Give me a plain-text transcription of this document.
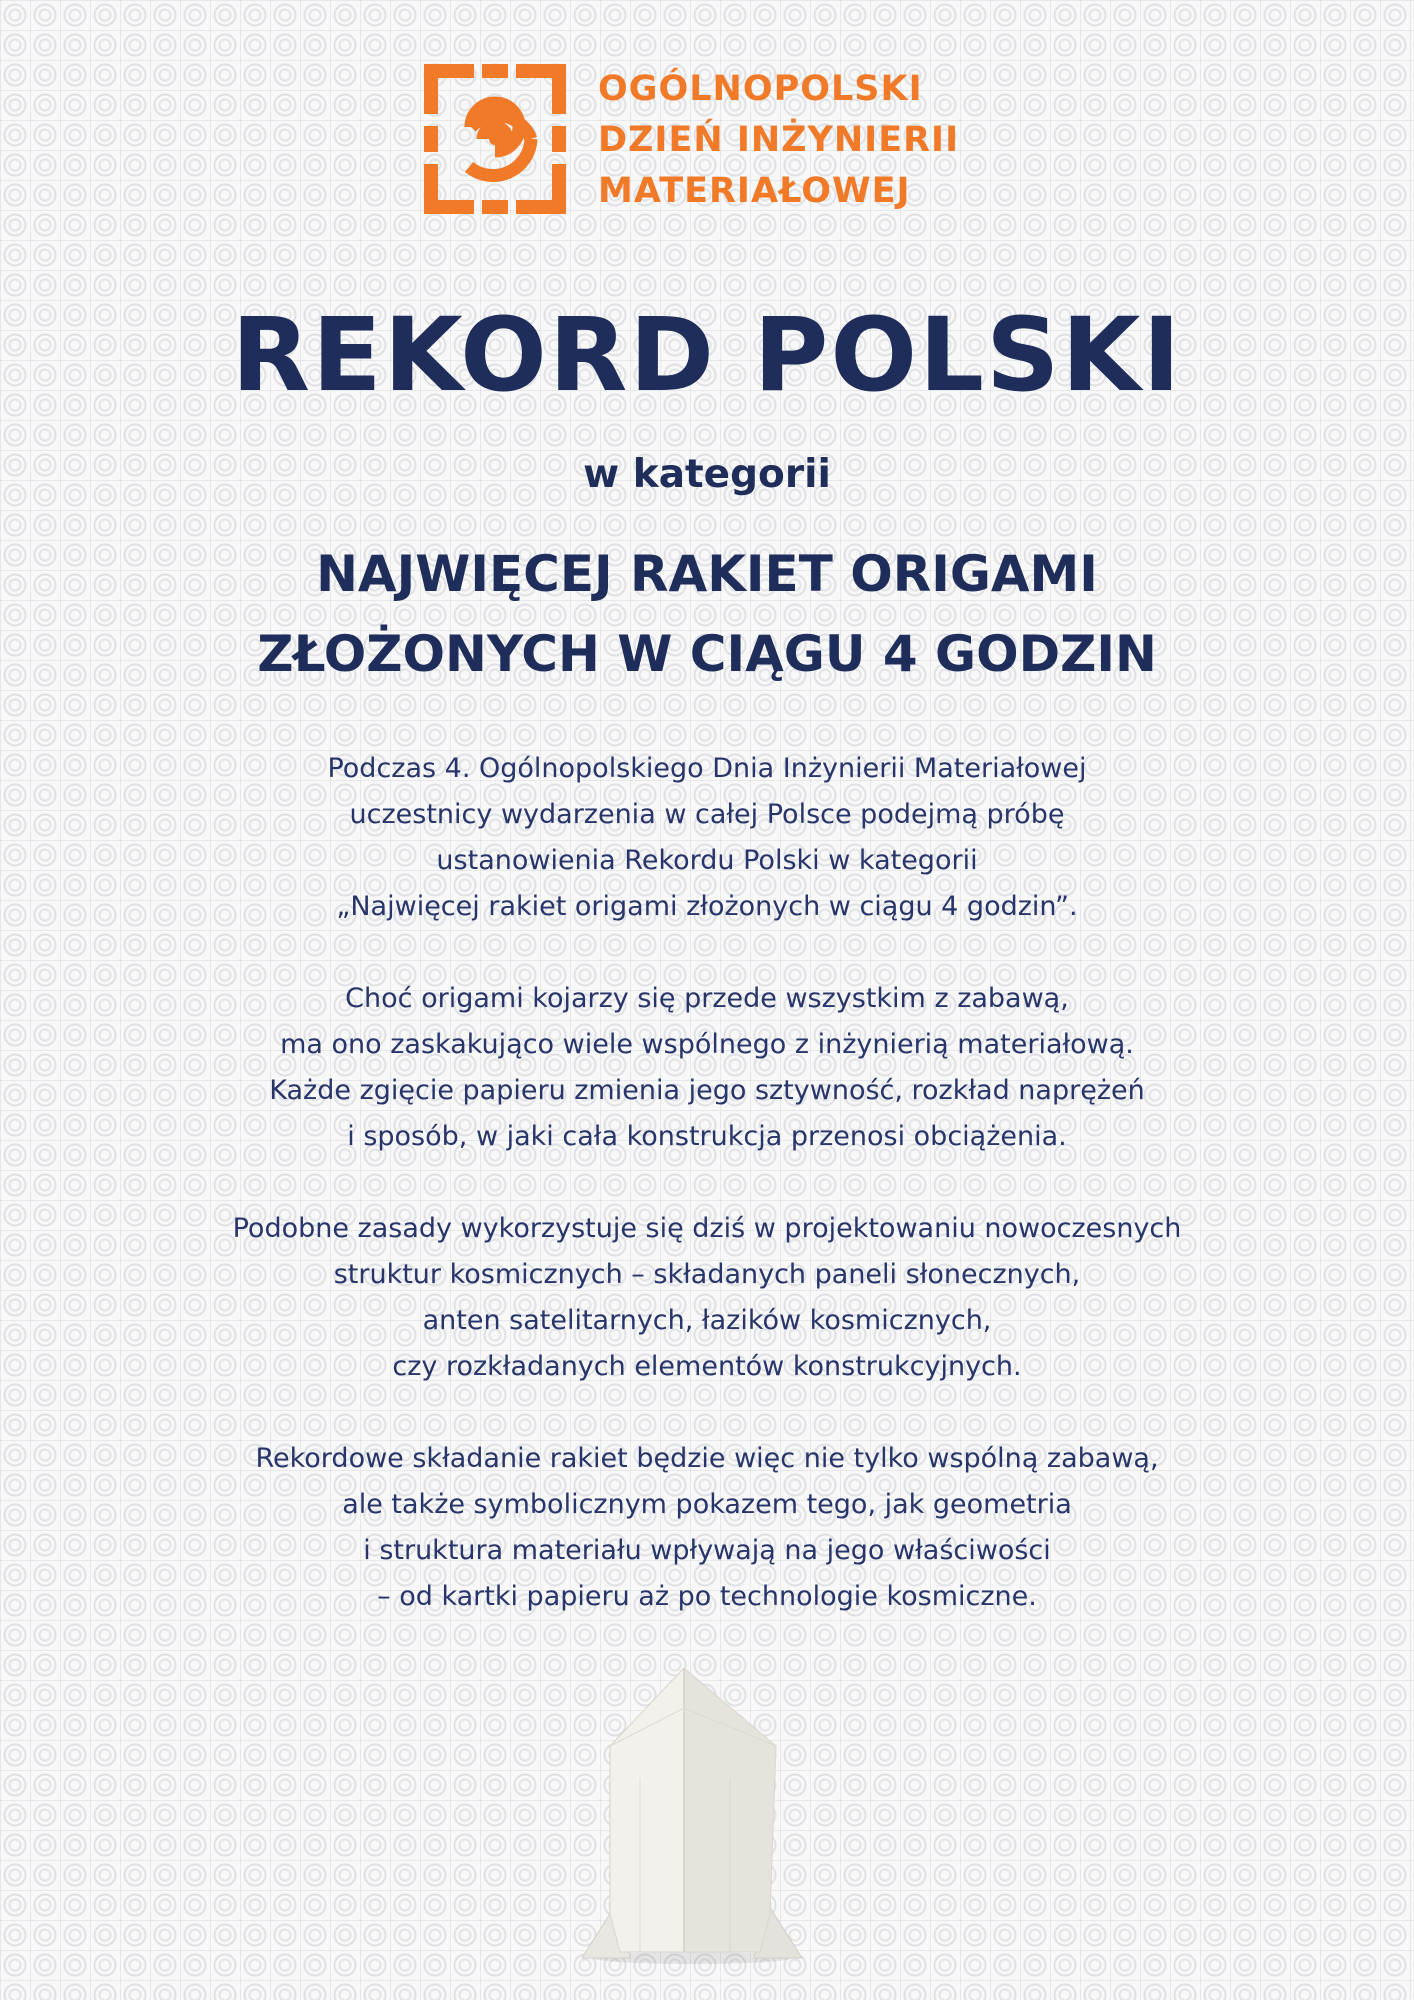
OGÓLNOPOLSKI
DZIEŃ INŻYNIERII
MATERIAŁOWEJ
REKORD POLSKI
w kategorii
NAJWIĘCEJ RAKIET ORIGAMI
ZŁOŻONYCH W CIĄGU 4 GODZIN
Podczas 4. Ogólnopolskiego Dnia Inżynierii Materiałowej
uczestnicy wydarzenia w całej Polsce podejmą próbę
ustanowienia Rekordu Polski w kategorii
„Najwięcej rakiet origami złożonych w ciągu 4 godzin”.
Choć origami kojarzy się przede wszystkim z zabawą,
ma ono zaskakująco wiele wspólnego z inżynierią materiałową.
Każde zgięcie papieru zmienia jego sztywność, rozkład naprężeń
i sposób, w jaki cała konstrukcja przenosi obciążenia.
Podobne zasady wykorzystuje się dziś w projektowaniu nowoczesnych
struktur kosmicznych – składanych paneli słonecznych,
anten satelitarnych, łazików kosmicznych,
czy rozkładanych elementów konstrukcyjnych.
Rekordowe składanie rakiet będzie więc nie tylko wspólną zabawą,
ale także symbolicznym pokazem tego, jak geometria
i struktura materiału wpływają na jego właściwości
– od kartki papieru aż po technologie kosmiczne.
